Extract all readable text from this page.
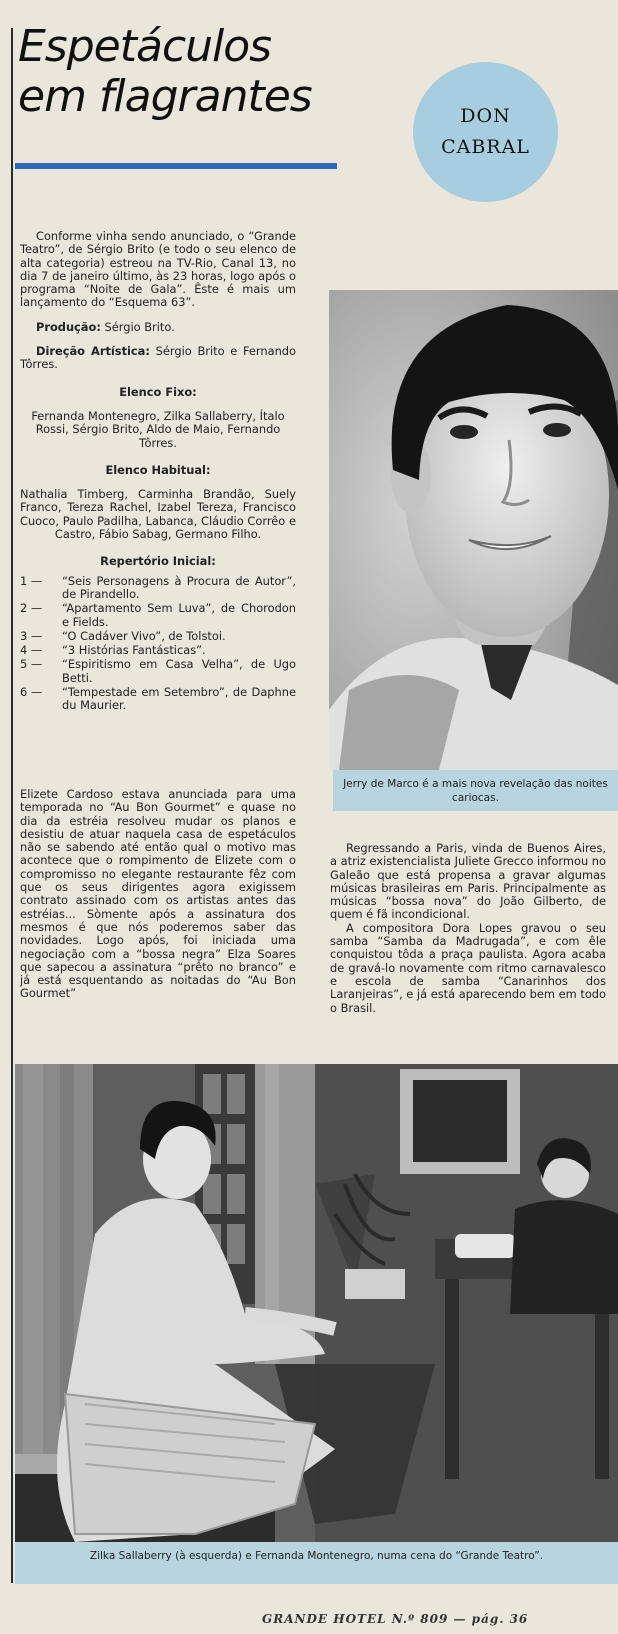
Espetáculos
em flagrantes	DON
CABRAL

Conforme vinha sendo anunciado, o “Grande Teatro”, de Sérgio Brito (e todo o seu elenco de alta categoria) estreou na TV-Rio, Canal 13, no dia 7 de janeiro último, às 23 horas, logo após o programa “Noite de Gala”. Êste é mais um lançamento do “Esquema 63”.

Produção: Sérgio Brito.

Direção Artística: Sérgio Brito e Fernando Tôrres.

Elenco Fixo:

Fernanda Montenegro, Zilka Sallaberry, Ítalo Rossi, Sérgio Brito, Aldo de Maio, Fernando Tôrres.

Elenco Habitual:

Nathalia Timberg, Carminha Brandão, Suely Franco, Tereza Rachel, Izabel Tereza, Francisco Cuoco, Paulo Padilha, Labanca, Cláudio Corrêo e Castro, Fábio Sabag, Germano Filho.

Repertório Inicial:

1 —	“Seis Personagens à Procura de Autor”, de Pirandello.
2 —	“Apartamento Sem Luva”, de Chorodon e Fields.
3 —	“O Cadáver Vivo”, de Tolstoi.
4 —	“3 Histórias Fantásticas”.
5 —	“Espiritismo em Casa Velha”, de Ugo Betti.
6 —	“Tempestade em Setembro”, de Daphne du Maurier.

Elizete Cardoso estava anunciada para uma temporada no “Au Bon Gourmet” e quase no dia da estréia resolveu mudar os planos e desistiu de atuar naquela casa de espetáculos não se sabendo até então qual o motivo mas acontece que o rompimento de Elizete com o compromisso no elegante restaurante fêz com que os seus dirigentes agora exigissem contrato assinado com os artistas antes das estréias... Sòmente após a assinatura dos mesmos é que nós poderemos saber das novidades. Logo após, foi iniciada uma negociação com a “bossa negra” Elza Soares que sapecou a assinatura “prêto no branco” e já está esquentando as noitadas do “Au Bon Gourmet”

Jerry de Marco é a mais nova revelação das noites cariocas.

Regressando a Paris, vinda de Buenos Aires, a atriz existencialista Juliete Grecco informou no Galeão que está propensa a gravar algumas músicas brasileiras em Paris. Principalmente as músicas “bossa nova” do João Gilberto, de quem é fã incondicional.

A compositora Dora Lopes gravou o seu samba “Samba da Madrugada”, e com êle conquistou tôda a praça paulista. Agora acaba de gravá-lo novamente com ritmo carnavalesco e escola de samba “Canarinhos dos Laranjeiras”, e já está aparecendo bem em todo o Brasil.

Zilka Sallaberry (à esquerda) e Fernanda Montenegro, numa cena do “Grande Teatro”.
GRANDE HOTEL N.º 809 — pág. 36
